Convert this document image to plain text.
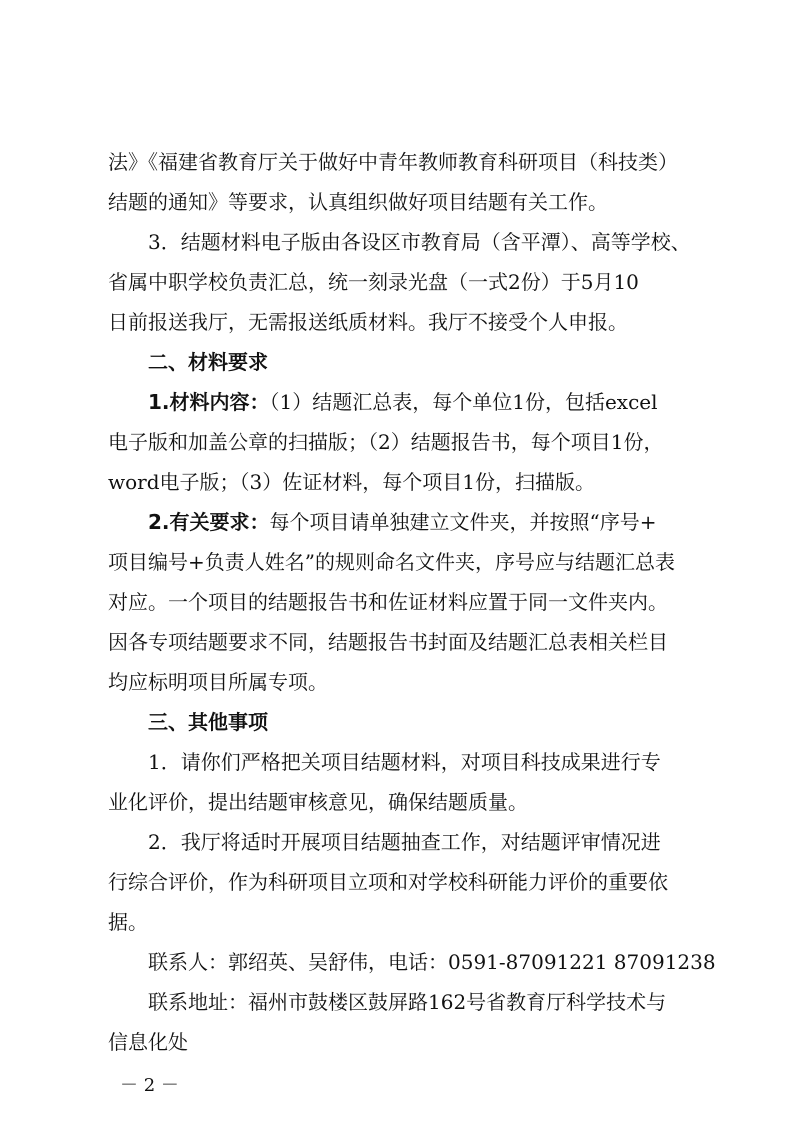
法》《福建省教育厅关于做好中青年教师教育科研项目（科技类）
结题的通知》等要求，认真组织做好项目结题有关工作。
3．结题材料电子版由各设区市教育局（含平潭）、高等学校、
省属中职学校负责汇总，统一刻录光盘（一式2份）于5月10
日前报送我厅，无需报送纸质材料。我厅不接受个人申报。
二、材料要求
1.材料内容：（1）结题汇总表，每个单位1份，包括excel
电子版和加盖公章的扫描版；（2）结题报告书，每个项目1份，
word电子版；（3）佐证材料，每个项目1份，扫描版。
2.有关要求：每个项目请单独建立文件夹，并按照“序号+
项目编号+负责人姓名”的规则命名文件夹，序号应与结题汇总表
对应。一个项目的结题报告书和佐证材料应置于同一文件夹内。
因各专项结题要求不同，结题报告书封面及结题汇总表相关栏目
均应标明项目所属专项。
三、其他事项
1．请你们严格把关项目结题材料，对项目科技成果进行专
业化评价，提出结题审核意见，确保结题质量。
2．我厅将适时开展项目结题抽查工作，对结题评审情况进
行综合评价，作为科研项目立项和对学校科研能力评价的重要依
据。
联系人：郭绍英、吴舒伟，电话：0591-87091221 87091238
联系地址：福州市鼓楼区鼓屏路162号省教育厅科学技术与
信息化处
－ 2 －
